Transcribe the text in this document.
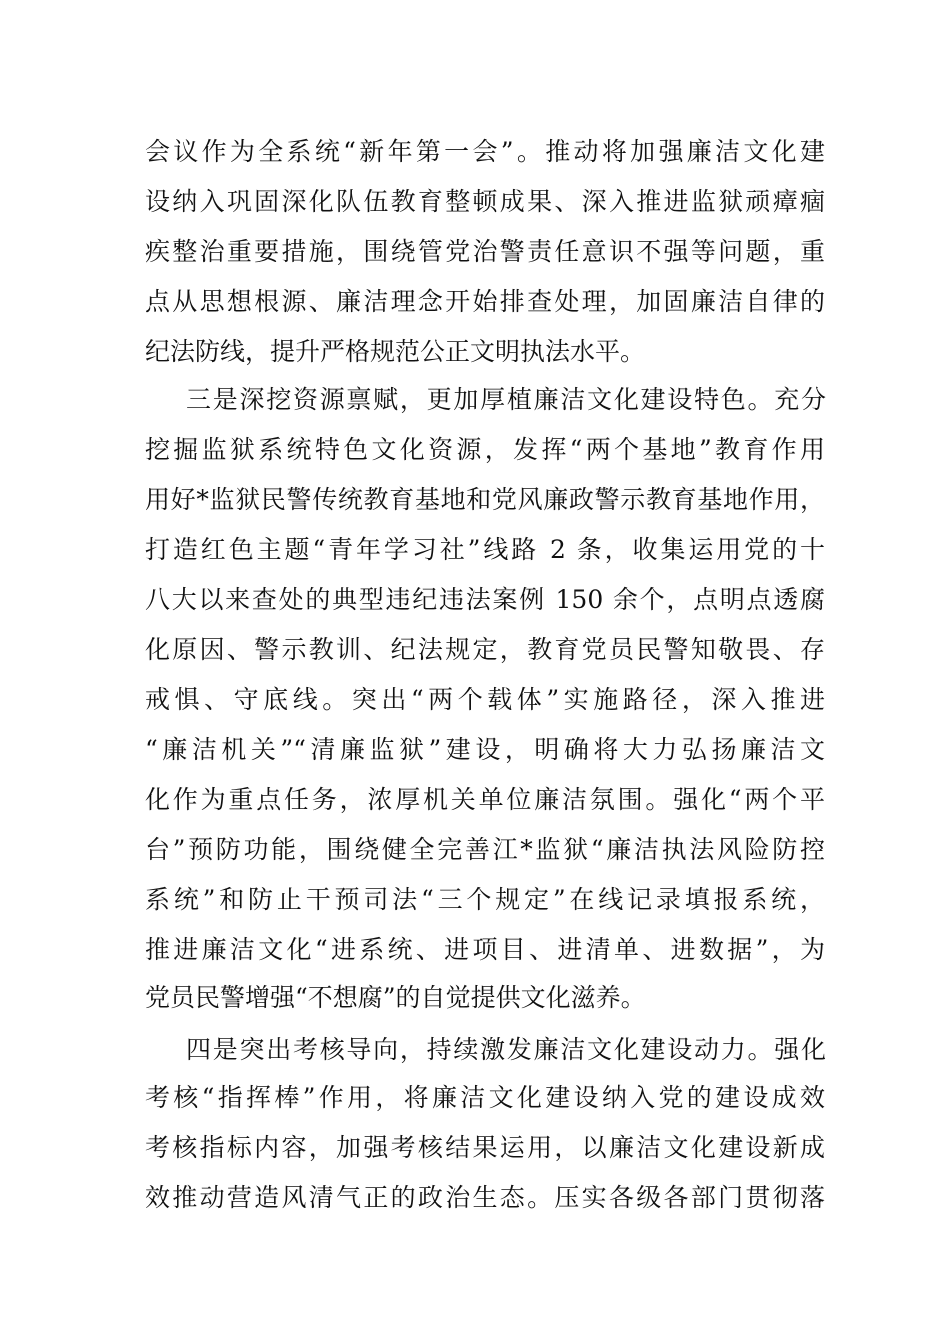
会议作为全系统“新年第一会”。推动将加强廉洁文化建
设纳入巩固深化队伍教育整顿成果、深入推进监狱顽瘴痼
疾整治重要措施，围绕管党治警责任意识不强等问题，重
点从思想根源、廉洁理念开始排查处理，加固廉洁自律的
纪法防线，提升严格规范公正文明执法水平。
三是深挖资源禀赋，更加厚植廉洁文化建设特色。充分
挖掘监狱系统特色文化资源，发挥“两个基地”教育作用
用好*监狱民警传统教育基地和党风廉政警示教育基地作用，
打造红色主题“青年学习社”线路 2 条，收集运用党的十
八大以来查处的典型违纪违法案例 150 余个，点明点透腐
化原因、警示教训、纪法规定，教育党员民警知敬畏、存
戒惧、守底线。突出“两个载体”实施路径，深入推进
“廉洁机关”“清廉监狱”建设，明确将大力弘扬廉洁文
化作为重点任务，浓厚机关单位廉洁氛围。强化“两个平
台”预防功能，围绕健全完善江*监狱“廉洁执法风险防控
系统”和防止干预司法“三个规定”在线记录填报系统，
推进廉洁文化“进系统、进项目、进清单、进数据”，为
党员民警增强“不想腐”的自觉提供文化滋养。
四是突出考核导向，持续激发廉洁文化建设动力。强化
考核“指挥棒”作用，将廉洁文化建设纳入党的建设成效
考核指标内容，加强考核结果运用，以廉洁文化建设新成
效推动营造风清气正的政治生态。压实各级各部门贯彻落
